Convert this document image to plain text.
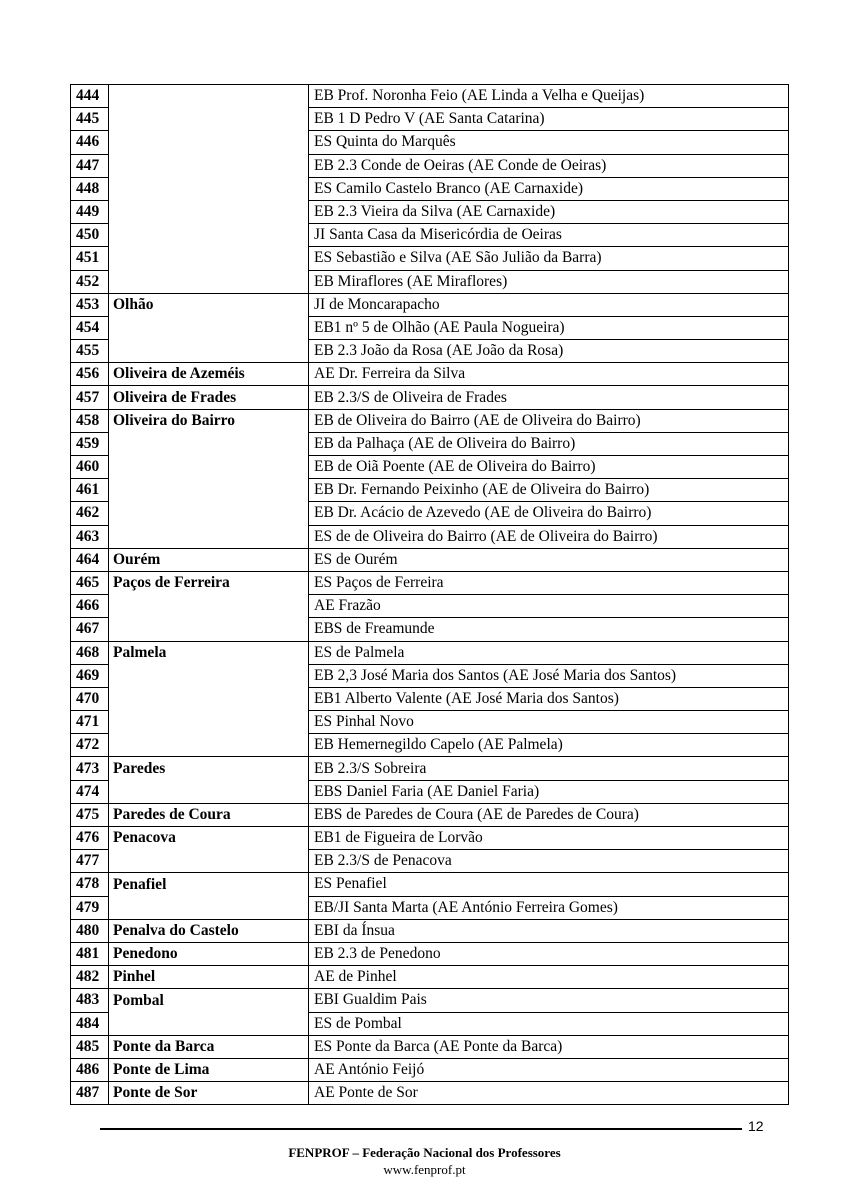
444		EB Prof. Noronha Feio (AE Linda a Velha e Queijas)
445		EB 1 D Pedro V (AE Santa Catarina)
446		ES Quinta do Marquês
447		EB 2.3 Conde de Oeiras (AE Conde de Oeiras)
448		ES Camilo Castelo Branco (AE Carnaxide)
449		EB 2.3 Vieira da Silva (AE Carnaxide)
450		JI Santa Casa da Misericórdia de Oeiras
451		ES Sebastião e Silva (AE São Julião da Barra)
452		EB Miraflores (AE Miraflores)
453	Olhão	JI de Moncarapacho
454		EB1 nº 5 de Olhão (AE Paula Nogueira)
455		EB 2.3 João da Rosa (AE João da Rosa)
456	Oliveira de Azeméis	AE Dr. Ferreira da Silva
457	Oliveira de Frades	EB 2.3/S de Oliveira de Frades
458	Oliveira do Bairro	EB de Oliveira do Bairro (AE de Oliveira do Bairro)
459		EB da Palhaça (AE de Oliveira do Bairro)
460		EB de Oiã Poente (AE de Oliveira do Bairro)
461		EB Dr. Fernando Peixinho (AE de Oliveira do Bairro)
462		EB Dr. Acácio de Azevedo (AE de Oliveira do Bairro)
463		ES de de Oliveira do Bairro (AE de Oliveira do Bairro)
464	Ourém	ES de Ourém
465	Paços de Ferreira	ES Paços de Ferreira
466		AE Frazão
467		EBS de Freamunde
468	Palmela	ES de Palmela
469		EB 2,3 José Maria dos Santos (AE José Maria dos Santos)
470		EB1 Alberto Valente (AE José Maria dos Santos)
471		ES Pinhal Novo
472		EB Hemernegildo Capelo (AE Palmela)
473	Paredes	EB 2.3/S Sobreira
474		EBS Daniel Faria (AE Daniel Faria)
475	Paredes de Coura	EBS de Paredes de Coura (AE de Paredes de Coura)
476	Penacova	EB1 de Figueira de Lorvão
477		EB 2.3/S de Penacova
478	Penafiel	ES Penafiel
479		EB/JI Santa Marta (AE António Ferreira Gomes)
480	Penalva do Castelo	EBI da Ínsua
481	Penedono	EB 2.3 de Penedono
482	Pinhel	AE de Pinhel
483	Pombal	EBI Gualdim Pais
484		ES de Pombal
485	Ponte da Barca	ES Ponte da Barca (AE Ponte da Barca)
486	Ponte de Lima	AE António Feijó
487	Ponte de Sor	AE Ponte de Sor
12
FENPROF – Federação Nacional dos Professores
www.fenprof.pt
